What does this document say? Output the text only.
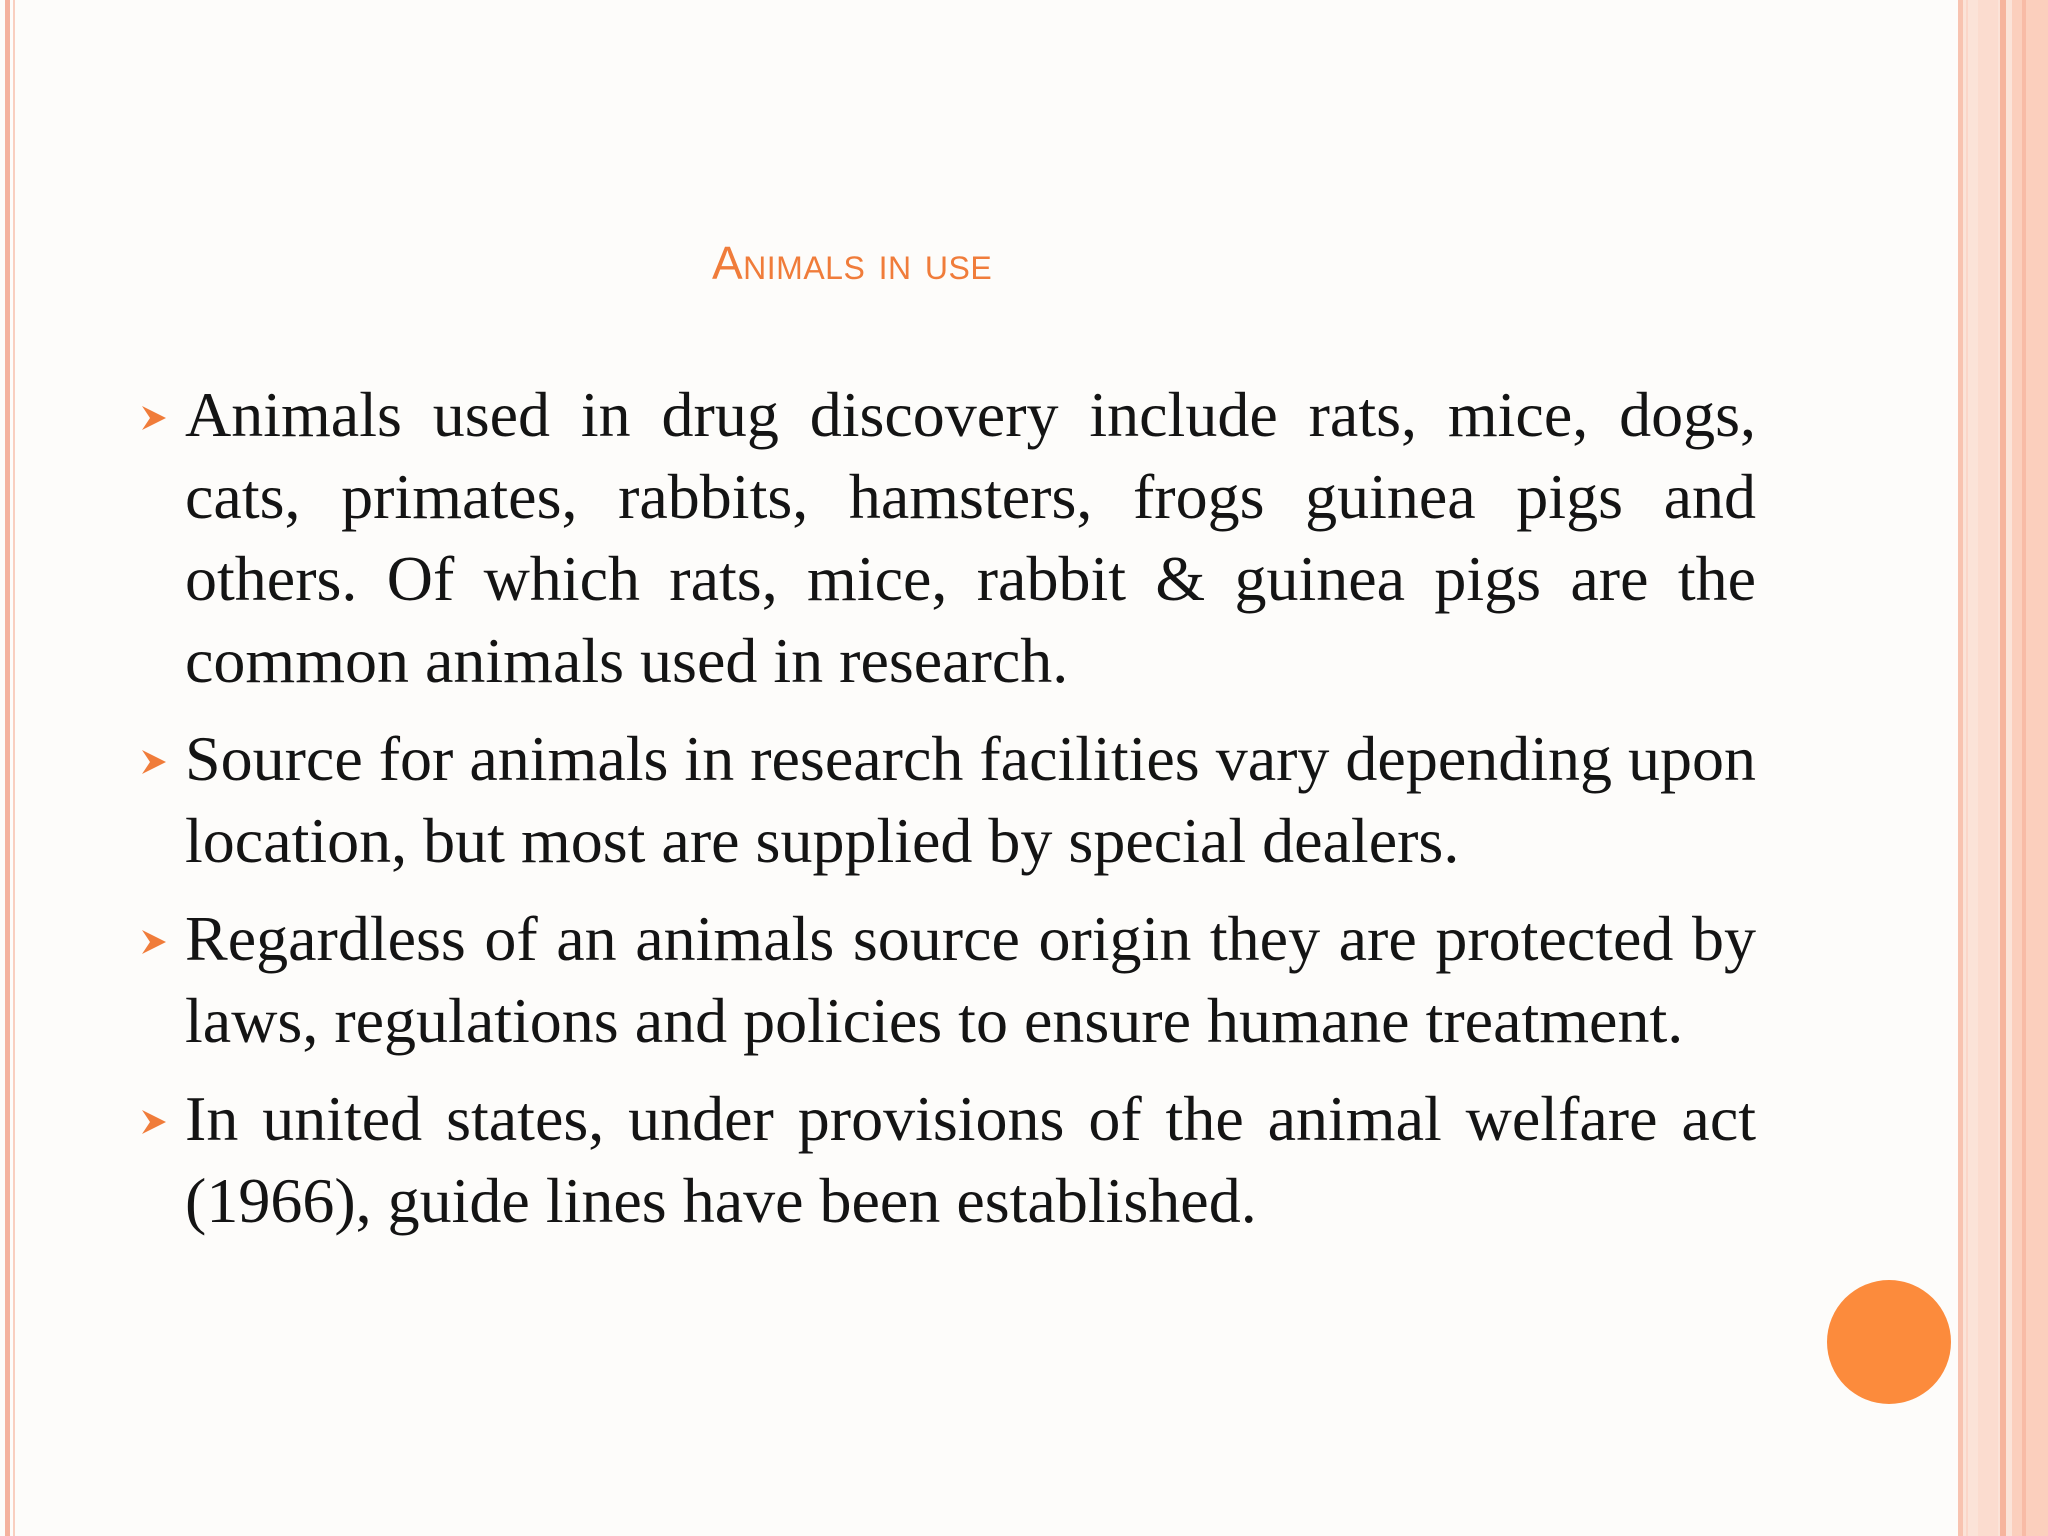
Animals in use
Animals used in drug discovery include rats, mice, dogs, cats, primates, rabbits, hamsters, frogs guinea pigs and others. Of which rats, mice, rabbit & guinea pigs are the common animals used in research.
Source for animals in research facilities vary depending upon location, but most are supplied by special dealers.
Regardless of an animals source origin they are protected by laws, regulations and policies to ensure humane treatment.
In united states, under provisions of the animal welfare act (1966), guide lines have been established.
